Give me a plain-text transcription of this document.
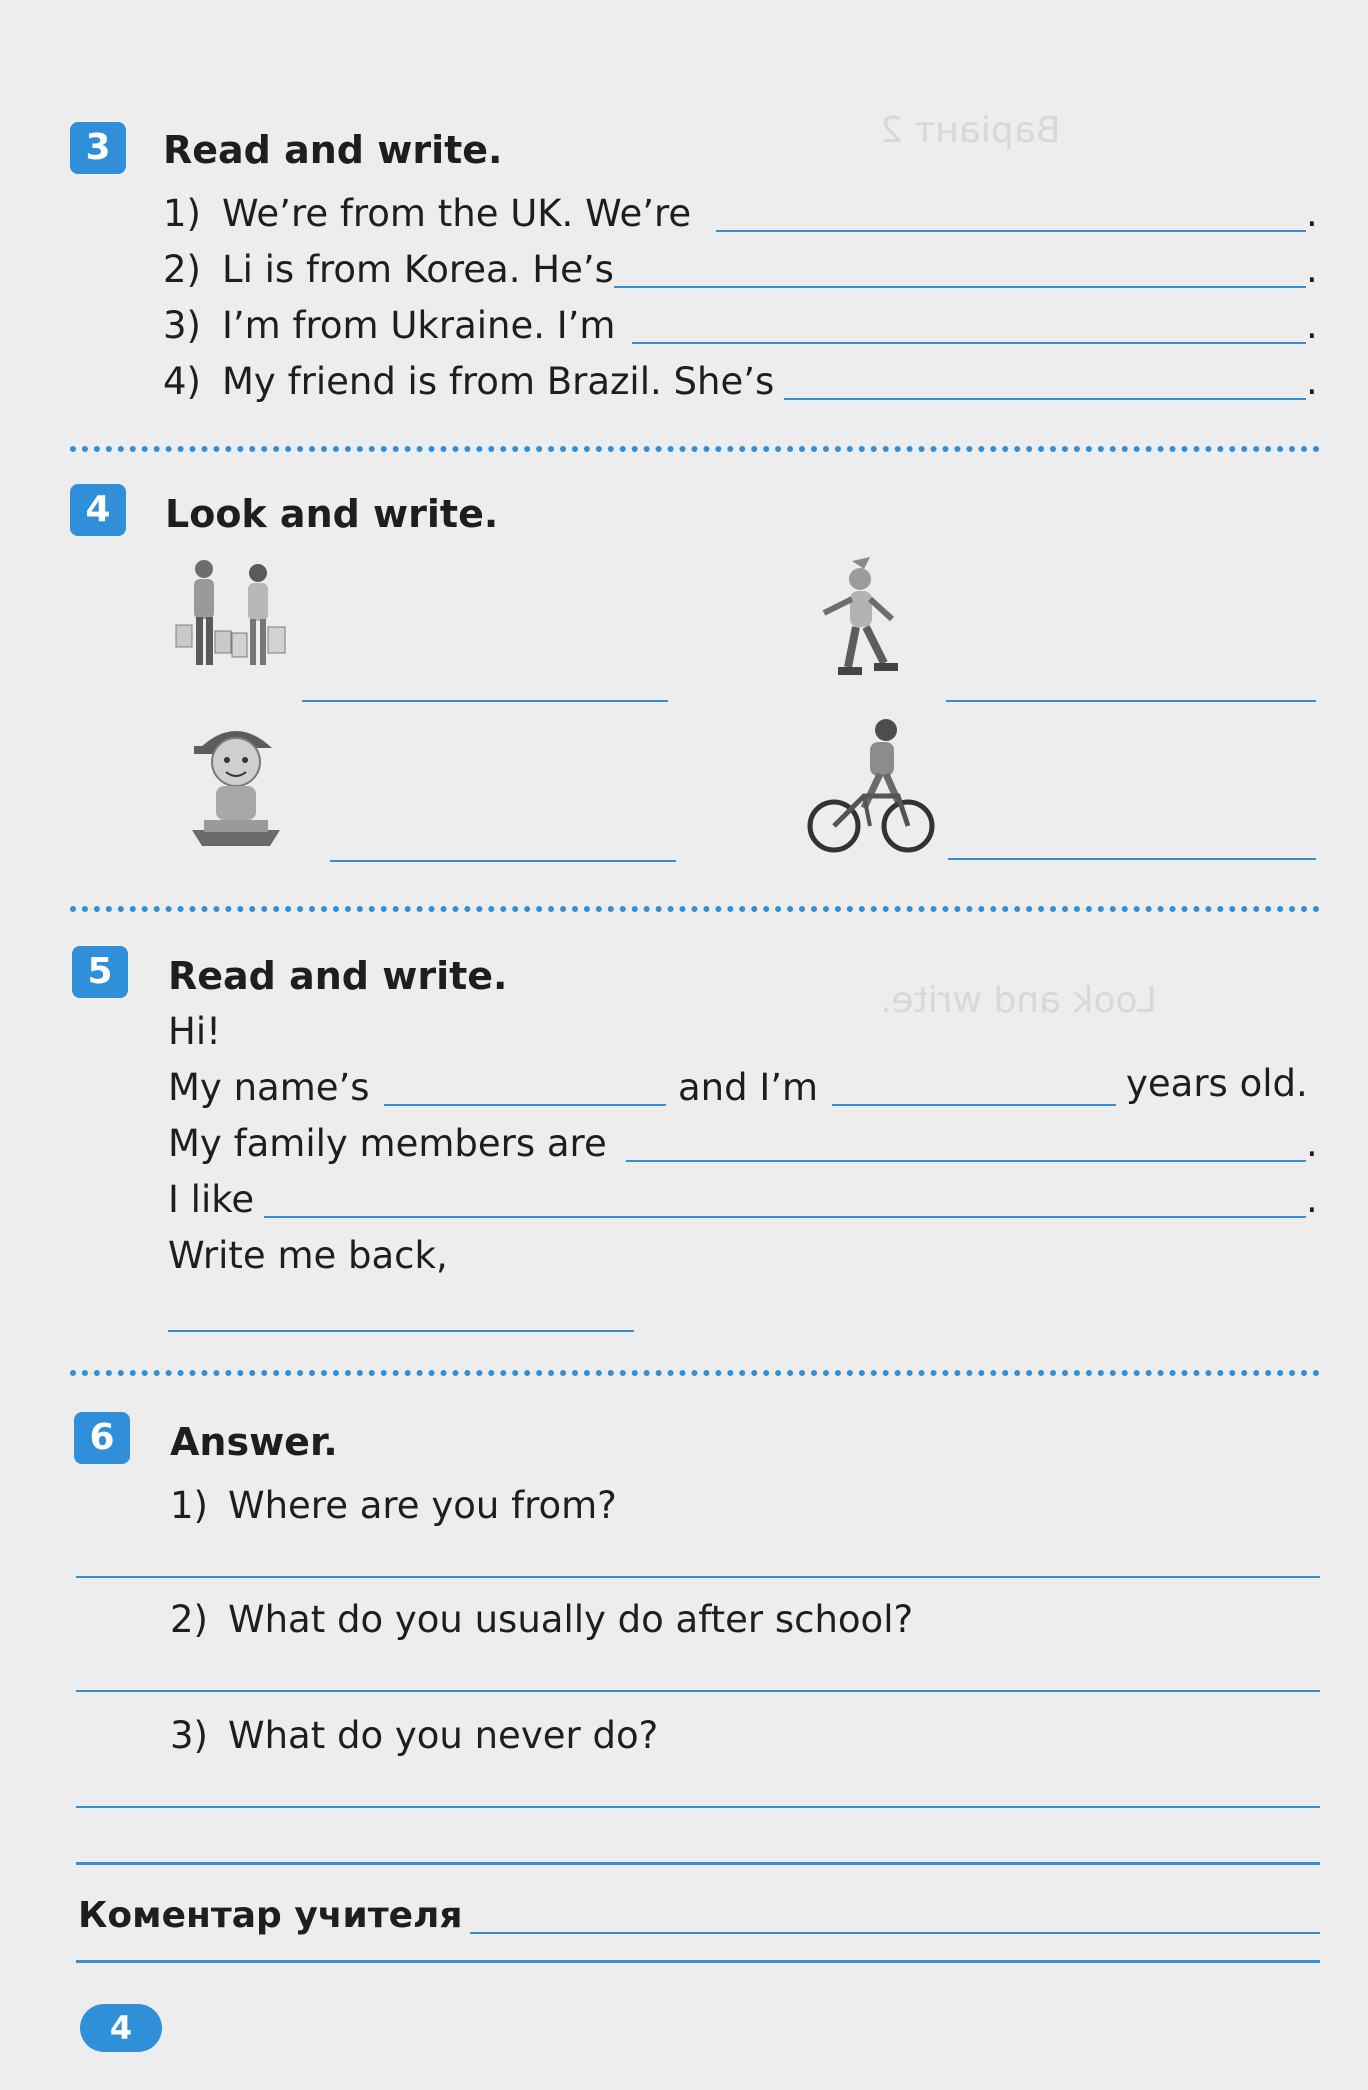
Варіант 2
Look and write.
3	Read and write.
1) We’re from the UK. We’re	.
2) Li is from Korea. He’s	.
3) I’m from Ukraine. I’m	.
4) My friend is from Brazil. She’s	.
4	Look and write.
5	Read and write.
Hi!
My name’s	and I’m	years old.
My family members are	.
I like	.
Write me back,
6	Answer.
1) Where are you from?
2) What do you usually do after school?
3) What do you never do?
Коментар учителя
4
